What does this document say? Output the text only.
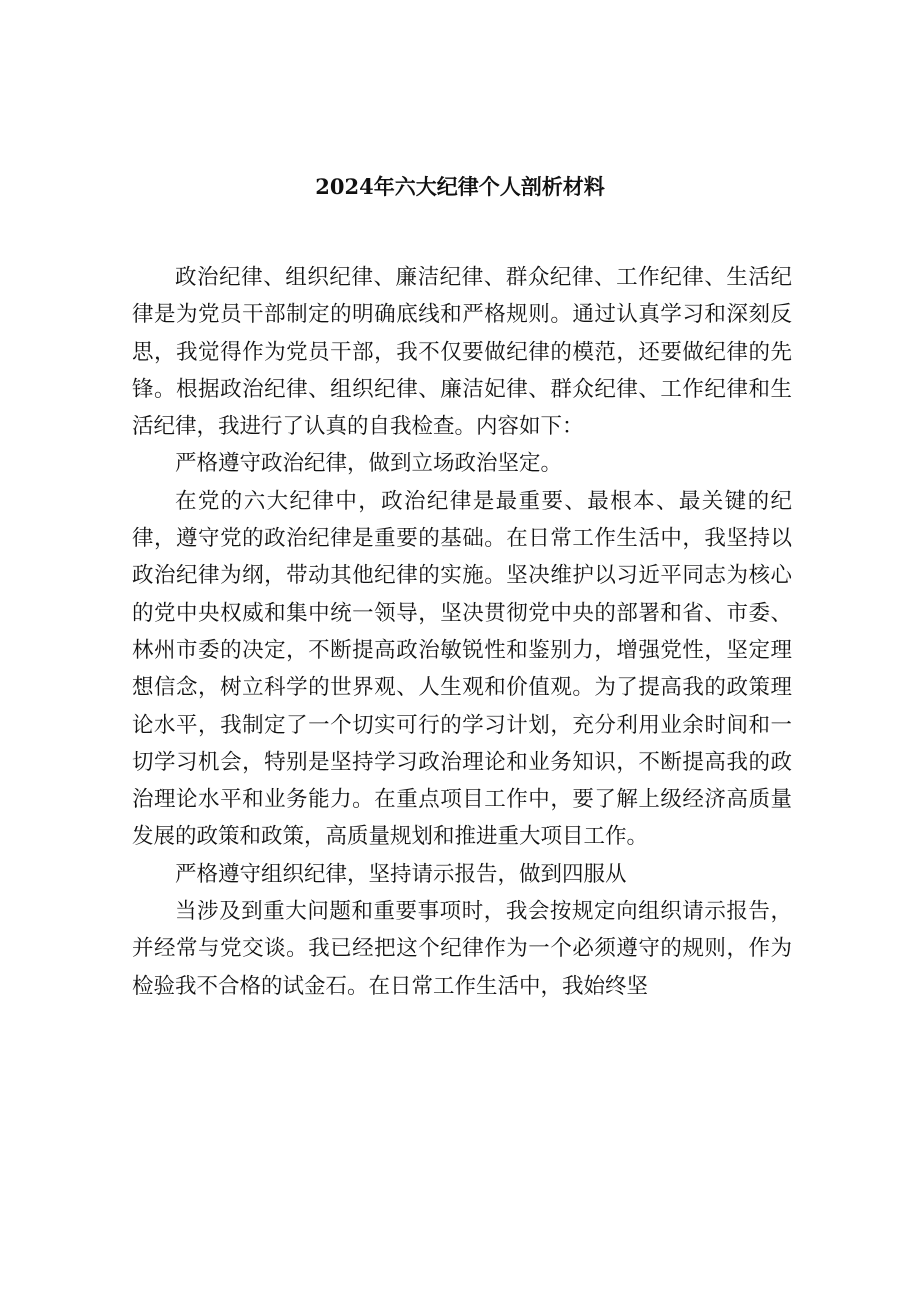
2024年六大纪律个人剖析材料

政治纪律、组织纪律、廉洁纪律、群众纪律、工作纪律、生活纪律是为党员干部制定的明确底线和严格规则。通过认真学习和深刻反思，我觉得作为党员干部，我不仅要做纪律的模范，还要做纪律的先锋。根据政治纪律、组织纪律、廉洁妃律、群众纪律、工作纪律和生活纪律，我进行了认真的自我检查。内容如下：

严格遵守政治纪律，做到立场政治坚定。

在党的六大纪律中，政治纪律是最重要、最根本、最关键的纪律，遵守党的政治纪律是重要的基础。在日常工作生活中，我坚持以政治纪律为纲，带动其他纪律的实施。坚决维护以习近平同志为核心的党中央权威和集中统一领导，坚决贯彻党中央的部署和省、市委、林州市委的决定，不断提高政治敏锐性和鉴别力，增强党性，坚定理想信念，树立科学的世界观、人生观和价值观。为了提高我的政策理论水平，我制定了一个切实可行的学习计划，充分利用业余时间和一切学习机会，特别是坚持学习政治理论和业务知识，不断提高我的政治理论水平和业务能力。在重点项目工作中，要了解上级经济高质量发展的政策和政策，高质量规划和推进重大项目工作。

严格遵守组织纪律，坚持请示报告，做到四服从

当涉及到重大问题和重要事项时，我会按规定向组织请示报告，并经常与党交谈。我已经把这个纪律作为一个必须遵守的规则，作为检验我不合格的试金石。在日常工作生活中，我始终坚
